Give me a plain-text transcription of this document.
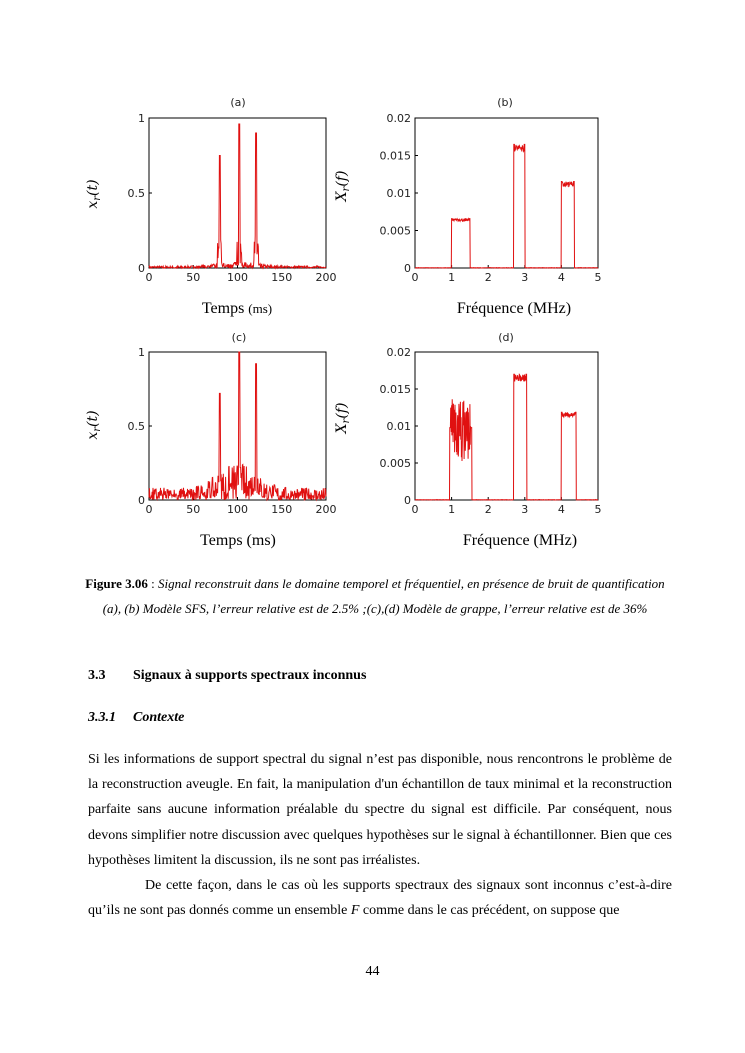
(a)
$x_r(t)$
0	50 100 150 200
0
0.5
1
Temps (ms)
(b)
$X_r(f)$
0	1	2	3	4	5
0
0.005
0.01
0.015
0.02
Fréquence (MHz)
(c)
$x_r(t)$
0	50 100 150 200
0
0.5
1
Temps (ms)
(d)
$X_r(f)$
0	1	2	3	4	5
0
0.005
0.01
0.015
0.02
Fréquence (MHz)
Figure 3.06 : Signal reconstruit dans le domaine temporel et fréquentiel, en présence de bruit de quantification (a), (b) Modèle SFS, l’erreur relative est de 2.5% ;(c),(d) Modèle de grappe, l’erreur relative est de 36%
3.3 Signaux à supports spectraux inconnus
3.3.1 Contexte

Si les informations de support spectral du signal n’est pas disponible, nous rencontrons le problème de la reconstruction aveugle. En fait, la manipulation d'un échantillon de taux minimal et la reconstruction parfaite sans aucune information préalable du spectre du signal est difficile. Par conséquent, nous devons simplifier notre discussion avec quelques hypothèses sur le signal à échantillonner. Bien que ces hypothèses limitent la discussion, ils ne sont pas irréalistes.

De cette façon, dans le cas où les supports spectraux des signaux sont inconnus c’est-à-dire qu’ils ne sont pas donnés comme un ensemble F comme dans le cas précédent, on suppose que

44
